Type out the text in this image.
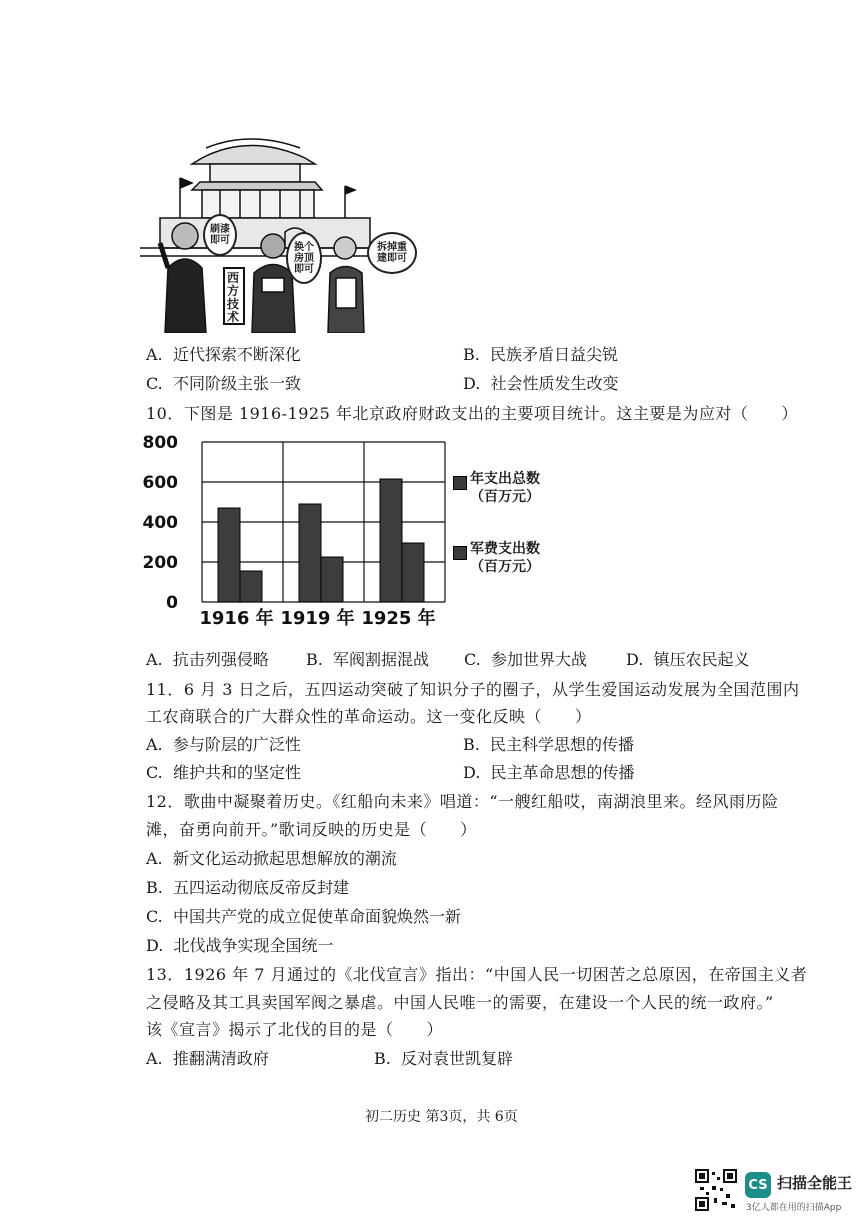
刷漆
即可
换个
房顶
即可
拆掉重
建即可
西方技术
A. 近代探索不断深化	B. 民族矛盾日益尖锐
C. 不同阶级主张一致	D. 社会性质发生改变
10．下图是 1916-1925 年北京政府财政支出的主要项目统计。这主要是为应对（　　）
800
600
400
200
0
1916 年 1919 年 1925 年
年支出总数
（百万元）
军费支出数
（百万元）
A. 抗击列强侵略 B. 军阀割据混战 C. 参加世界大战 D. 镇压农民起义
11．6 月 3 日之后，五四运动突破了知识分子的圈子，从学生爱国运动发展为全国范围内
工农商联合的广大群众性的革命运动。这一变化反映（　　）
A. 参与阶层的广泛性	B. 民主科学思想的传播
C. 维护共和的坚定性	D. 民主革命思想的传播
12．歌曲中凝聚着历史。《红船向未来》唱道：“一艘红船哎，南湖浪里来。经风雨历险
滩，奋勇向前开。”歌词反映的历史是（　　）
A. 新文化运动掀起思想解放的潮流
B. 五四运动彻底反帝反封建
C. 中国共产党的成立促使革命面貌焕然一新
D. 北伐战争实现全国统一
13．1926 年 7 月通过的《北伐宣言》指出：“中国人民一切困苦之总原因，在帝国主义者
之侵略及其工具卖国军阀之暴虐。中国人民唯一的需要，在建设一个人民的统一政府。”
该《宣言》揭示了北伐的目的是（　　）
A. 推翻满清政府	B. 反对袁世凯复辟
初二历史 第3页，共 6页
CS 扫描全能王
3亿人都在用的扫描App
